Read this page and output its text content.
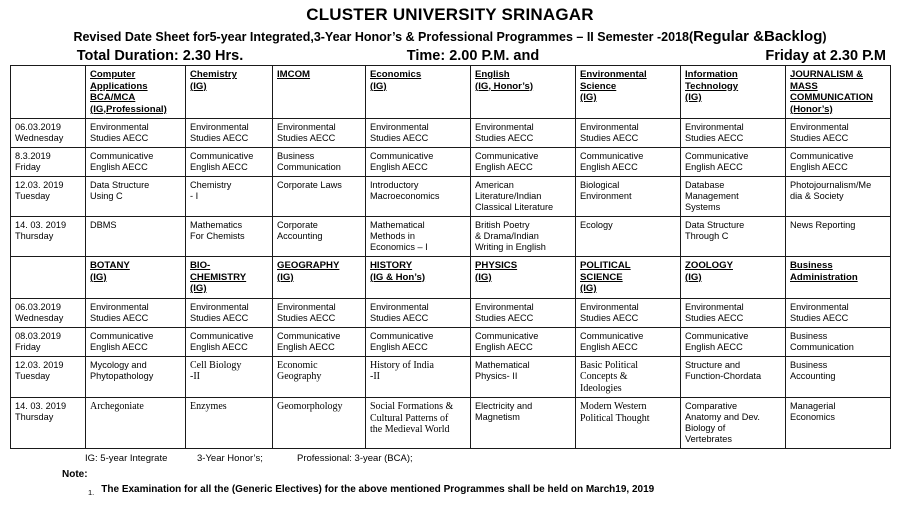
CLUSTER UNIVERSITY SRINAGAR
Revised Date Sheet for5-year Integrated,3-Year Honor’s & Professional Programmes – II Semester -2018(Regular &Backlog)
Total Duration: 2.30 Hrs.	Time: 2.00 P.M. and	Friday at 2.30 P.M

	Computer
Applications
BCA/MCA
(IG,Professional)	Chemistry
(IG)	IMCOM	Economics
(IG)	English
(IG, Honor’s)	Environmental
Science
(IG)	Information
Technology
(IG)	JOURNALISM &
MASS
COMMUNICATION
(Honor’s)

06.03.2019
Wednesday	Environmental
Studies AECC	Environmental
Studies AECC	Environmental
Studies AECC	Environmental
Studies AECC	Environmental
Studies AECC	Environmental
Studies AECC	Environmental
Studies AECC	Environmental
Studies AECC

8.3.2019
Friday	Communicative
English AECC	Communicative
English AECC	Business
Communication	Communicative
English AECC	Communicative
English AECC	Communicative
English AECC	Communicative
English AECC	Communicative
English AECC

12.03. 2019
Tuesday	Data Structure
Using C	Chemistry
- I	Corporate Laws	Introductory
Macroeconomics	American
Literature/Indian
Classical Literature	Biological
Environment	Database
Management
Systems	Photojournalism/Me
dia & Society

14. 03. 2019
Thursday	DBMS	Mathematics
For Chemists	Corporate
Accounting	Mathematical
Methods in
Economics – I	British Poetry
& Drama/Indian
Writing in English	Ecology	Data Structure
Through C	News Reporting

	BOTANY
(IG)	BIO-
CHEMISTRY
(IG)	GEOGRAPHY
(IG)	HISTORY
(IG & Hon’s)	PHYSICS
(IG)	POLITICAL
SCIENCE
(IG)	ZOOLOGY
(IG)	Business
Administration

06.03.2019
Wednesday	Environmental
Studies AECC	Environmental
Studies AECC	Environmental
Studies AECC	Environmental
Studies AECC	Environmental
Studies AECC	Environmental
Studies AECC	Environmental
Studies AECC	Environmental
Studies AECC

08.03.2019
Friday	Communicative
English AECC	Communicative
English AECC	Communicative
English AECC	Communicative
English AECC	Communicative
English AECC	Communicative
English AECC	Communicative
English AECC	Business
Communication

12.03. 2019
Tuesday	Mycology and
Phytopathology	Cell Biology
-II	Economic
Geography	History of India
-II	Mathematical
Physics- II	Basic Political
Concepts &
Ideologies	Structure and
Function-Chordata	Business
Accounting

14. 03. 2019
Thursday	Archegoniate	Enzymes	Geomorphology	Social Formations &
Cultural Patterns of
the Medieval World	Electricity and
Magnetism	Modern Western
Political Thought	Comparative
Anatomy and Dev.
Biology of
Vertebrates	Managerial
Economics
IG: 5-year Integrate	3-Year Honor’s;	Professional: 3-year (BCA);
Note:
1. The Examination for all the (Generic Electives) for the above mentioned Programmes shall be held on March19, 2019
